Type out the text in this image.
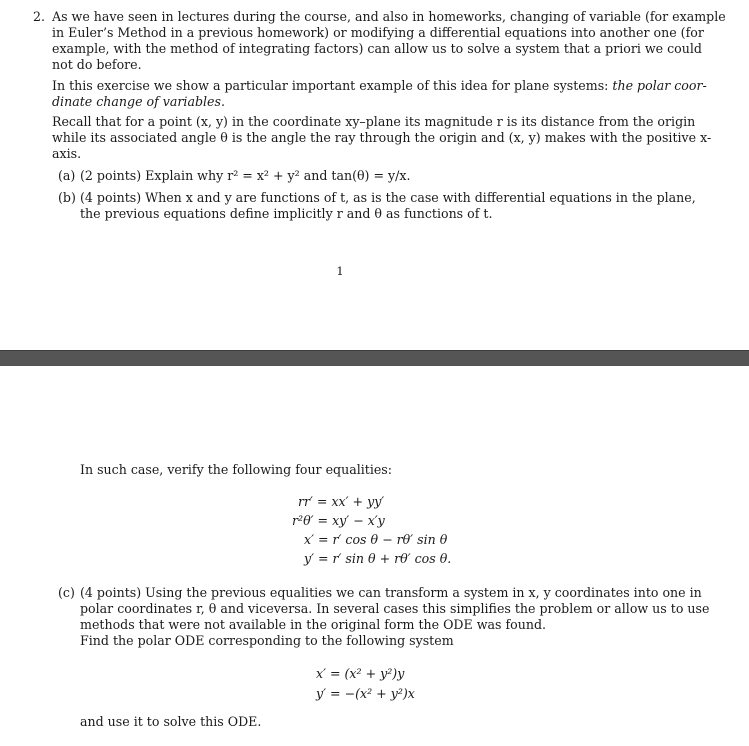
2. As we have seen in lectures during the course, and also in homeworks, changing of variable (for example
in Euler’s Method in a previous homework) or modifying a differential equations into another one (for
example, with the method of integrating factors) can allow us to solve a system that a priori we could
not do before.
In this exercise we show a particular important example of this idea for plane systems: the polar coor-
dinate change of variables.
Recall that for a point (x, y) in the coordinate xy–plane its magnitude r is its distance from the origin
while its associated angle θ is the angle the ray through the origin and (x, y) makes with the positive x-
axis.
(a) (2 points) Explain why r² = x² + y² and tan(θ) = y/x.
(b) (4 points) When x and y are functions of t, as is the case with differential equations in the plane,
the previous equations define implicitly r and θ as functions of t.
1
In such case, verify the following four equalities:
rr′ = xx′ + yy′
r²θ′ = xy′ − x′y
x′ = r′ cos θ − rθ′ sin θ
y′ = r′ sin θ + rθ′ cos θ.
(c) (4 points) Using the previous equalities we can transform a system in x, y coordinates into one in
polar coordinates r, θ and viceversa. In several cases this simplifies the problem or allow us to use
methods that were not available in the original form the ODE was found.
Find the polar ODE corresponding to the following system
x′ = (x² + y²)y
y′ = −(x² + y²)x
and use it to solve this ODE.
